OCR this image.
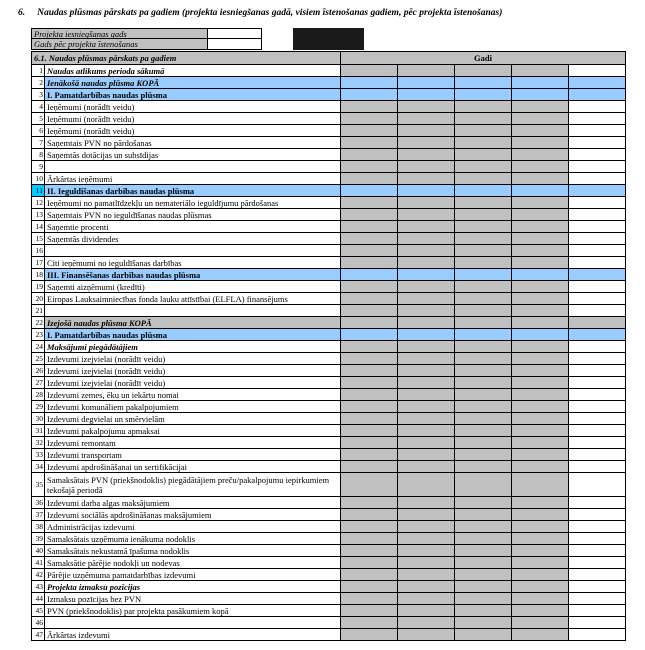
6. Naudas plūsmas pārskats pa gadiem (projekta iesniegšanas gadā, visiem īstenošanas gadiem, pēc projekta īstenošanas)
Projekta iesniegšanas gads
Gads pēc projekta īstenošanas
6.1. Naudas plūsmas pārskats pa gadiem		Gadi				
1	Naudas atlikums perioda sākumā					
2	Ienākošā naudas plūsma KOPĀ					
3	I. Pamatdarbības naudas plūsma					
4	Ieņēmumi (norādīt veidu)					
5	Ieņēmumi (norādīt veidu)					
6	Ieņēmumi (norādīt veidu)					
7	Saņemtais PVN no pārdošanas					
8	Saņemtās dotācijas un subsīdijas					
9						
10	Ārkārtas ieņēmumi					
11	II. Ieguldīšanas darbības naudas plūsma					
12	Ieņēmumi no pamatlīdzekļu un nemateriālo ieguldījumu pārdošanas					
13	Saņemtais PVN no ieguldīšanas naudas plūsmas					
14	Saņemtie procenti					
15	Saņemtās dividendes					
16						
17	Citi ieņēmumi no ieguldīšanas darbības					
18	III. Finansēšanas darbības naudas plūsma					
19	Saņemti aizņēmumi (kredīti)					
20	Eiropas Lauksaimniecības fonda lauku attīstībai (ELFLA) finansējums					
21						
22	Izejošā naudas plūsma KOPĀ					
23	I. Pamatdarbības naudas plūsma					
24	Maksājumi piegādātājiem					
25	Izdevumi izejvielai (norādīt veidu)					
26	Izdevumi izejvielai (norādīt veidu)					
27	Izdevumi izejvielai (norādīt veidu)					
28	Izdevumi zemes, ēku un iekārtu nomai					
29	Izdevumi komunāliem pakalpojumiem					
30	Izdevumi degvielai un smērvielām					
31	Izdevumi pakalpojumu apmaksai					
32	Izdevumi remontam					
33	Izdevumi transportam					
34	Izdevumi apdrošināšanai un sertifikācijai					
35	Samaksātais PVN (priekšnodoklis) piegādātājiem preču/pakalpojumu iepirkumiem tekošajā periodā					
36	Izdevumi darba algas maksājumiem					
37	Izdevumi sociālās apdrošināšanas maksājumiem					
38	Administrācijas izdevumi					
39	Samaksātais uzņēmuma ienākuma nodoklis					
40	Samaksātais nekustamā īpašuma nodoklis					
41	Samaksātie pārējie nodokļi un nodevas					
42	Pārējie uzņēmuma pamatdarbības izdevumi					
43	Projekta izmaksu pozīcijas					
44	Izmaksu pozīcijas bez PVN					
45	PVN (priekšnodoklis) par projekta pasākumiem kopā					
46						
47	Ārkārtas izdevumi					
